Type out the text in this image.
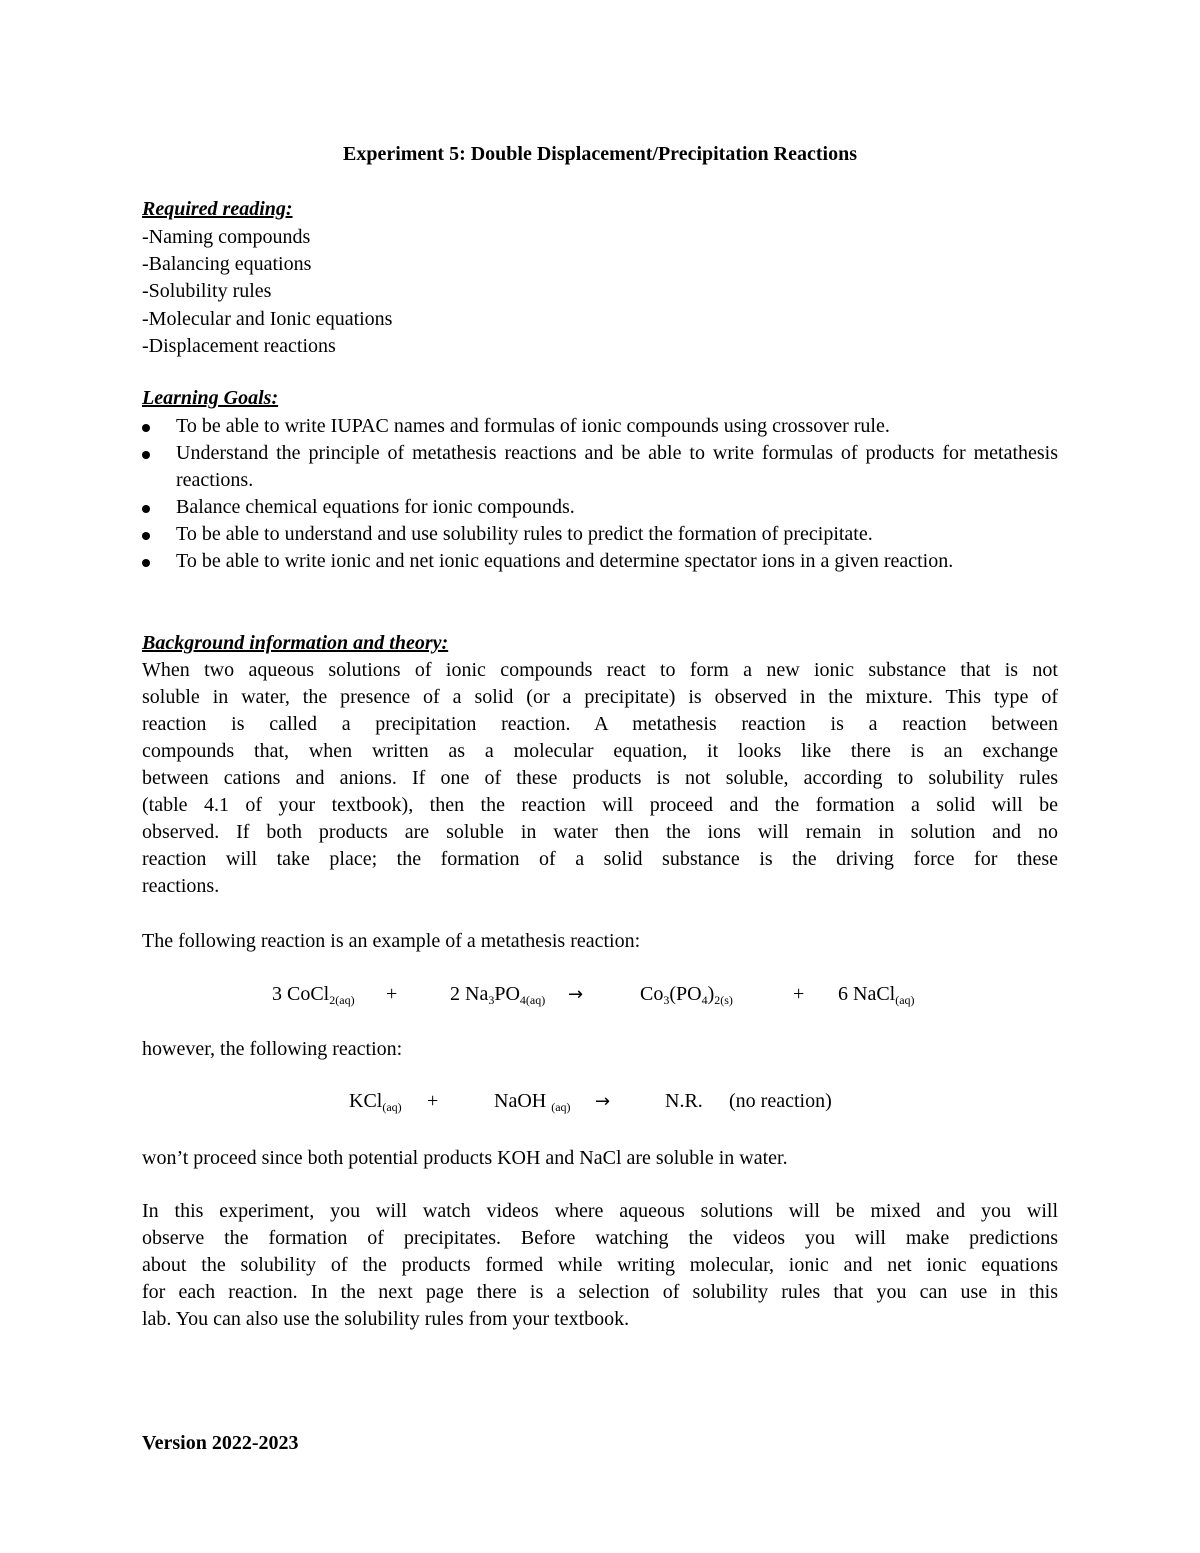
Experiment 5: Double Displacement/Precipitation Reactions
Required reading:
-Naming compounds
-Balancing equations
-Solubility rules
-Molecular and Ionic equations
-Displacement reactions
Learning Goals:
To be able to write IUPAC names and formulas of ionic compounds using crossover rule.
Understand the principle of metathesis reactions and be able to write formulas of products for metathesis reactions.
Balance chemical equations for ionic compounds.
To be able to understand and use solubility rules to predict the formation of precipitate.
To be able to write ionic and net ionic equations and determine spectator ions in a given reaction.
Background information and theory:
When two aqueous solutions of ionic compounds react to form a new ionic substance that is not
soluble in water, the presence of a solid (or a precipitate) is observed in the mixture. This type of
reaction is called a precipitation reaction. A metathesis reaction is a reaction between
compounds that, when written as a molecular equation, it looks like there is an exchange
between cations and anions. If one of these products is not soluble, according to solubility rules
(table 4.1 of your textbook), then the reaction will proceed and the formation a solid will be
observed. If both products are soluble in water then the ions will remain in solution and no
reaction will take place; the formation of a solid substance is the driving force for these
reactions.
The following reaction is an example of a metathesis reaction:
3 CoCl$_{2(aq)}$ +	2 $Na_3PO_{4(aq)}$ →	$Co_3(PO_4)_{2(s)}$	+ 6 NaCl$_{(aq)}$
however, the following reaction:
KCl$_{(aq)}$ +	NaOH $_{(aq)}$ →	N.R. (no reaction)
won’t proceed since both potential products KOH and NaCl are soluble in water.
In this experiment, you will watch videos where aqueous solutions will be mixed and you will
observe the formation of precipitates. Before watching the videos you will make predictions
about the solubility of the products formed while writing molecular, ionic and net ionic equations
for each reaction. In the next page there is a selection of solubility rules that you can use in this
lab. You can also use the solubility rules from your textbook.
Version 2022-2023
